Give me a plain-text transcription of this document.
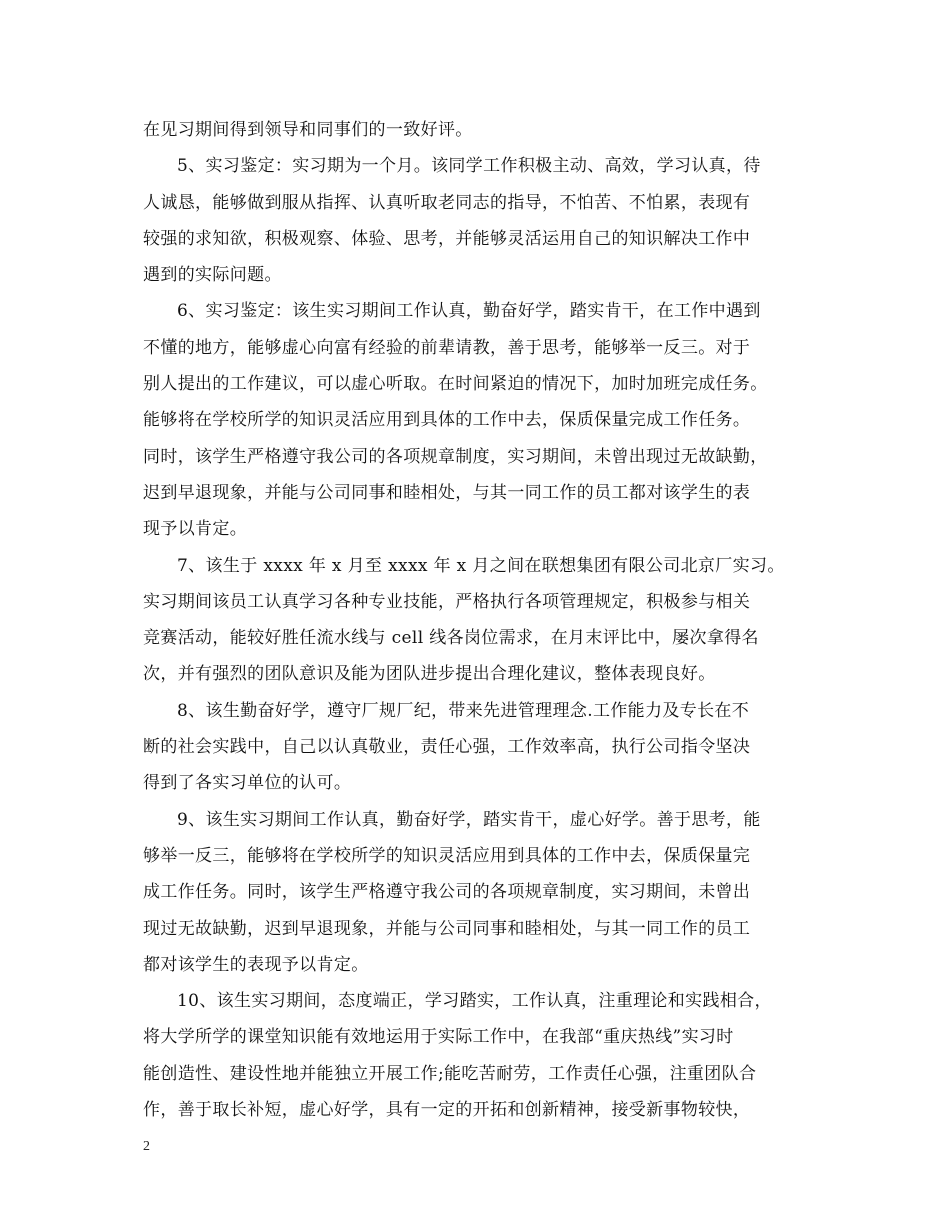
在见习期间得到领导和同事们的一致好评。

5、实习鉴定：实习期为一个月。该同学工作积极主动、高效，学习认真，待
人诚恳，能够做到服从指挥、认真听取老同志的指导，不怕苦、不怕累，表现有
较强的求知欲，积极观察、体验、思考，并能够灵活运用自己的知识解决工作中
遇到的实际问题。

6、实习鉴定：该生实习期间工作认真，勤奋好学，踏实肯干，在工作中遇到
不懂的地方，能够虚心向富有经验的前辈请教，善于思考，能够举一反三。对于
别人提出的工作建议，可以虚心听取。在时间紧迫的情况下，加时加班完成任务。
能够将在学校所学的知识灵活应用到具体的工作中去，保质保量完成工作任务。
同时，该学生严格遵守我公司的各项规章制度，实习期间，未曾出现过无故缺勤，
迟到早退现象，并能与公司同事和睦相处，与其一同工作的员工都对该学生的表
现予以肯定。

7、该生于 xxxx 年 x 月至 xxxx 年 x 月之间在联想集团有限公司北京厂实习。
实习期间该员工认真学习各种专业技能，严格执行各项管理规定，积极参与相关
竞赛活动，能较好胜任流水线与 cell 线各岗位需求，在月末评比中，屡次拿得名
次，并有强烈的团队意识及能为团队进步提出合理化建议，整体表现良好。

8、该生勤奋好学，遵守厂规厂纪，带来先进管理理念.工作能力及专长在不
断的社会实践中，自己以认真敬业，责任心强，工作效率高，执行公司指令坚决
得到了各实习单位的认可。

9、该生实习期间工作认真，勤奋好学，踏实肯干，虚心好学。善于思考，能
够举一反三，能够将在学校所学的知识灵活应用到具体的工作中去，保质保量完
成工作任务。同时，该学生严格遵守我公司的各项规章制度，实习期间，未曾出
现过无故缺勤，迟到早退现象，并能与公司同事和睦相处，与其一同工作的员工
都对该学生的表现予以肯定。

10、该生实习期间，态度端正，学习踏实，工作认真，注重理论和实践相合，
将大学所学的课堂知识能有效地运用于实际工作中，在我部“重庆热线”实习时
能创造性、建设性地并能独立开展工作;能吃苦耐劳，工作责任心强，注重团队合
作，善于取长补短，虚心好学，具有一定的开拓和创新精神，接受新事物较快，

2
